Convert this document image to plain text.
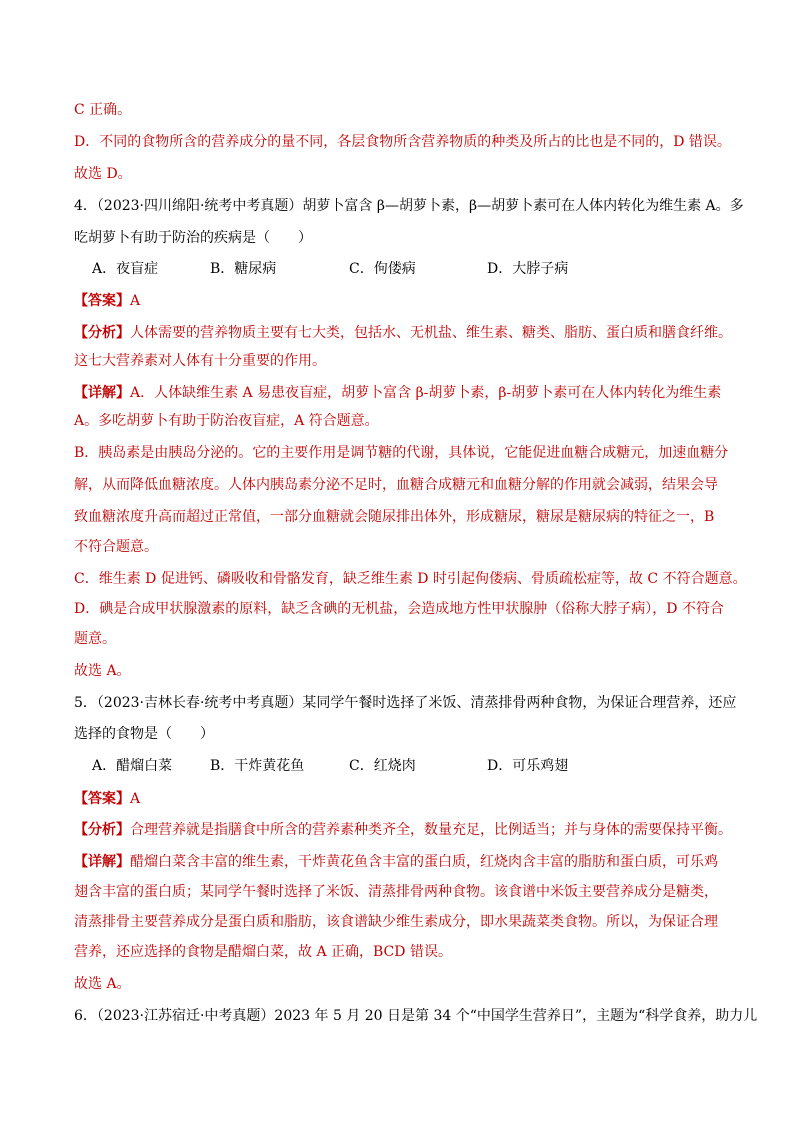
C 正确。
D．不同的食物所含的营养成分的量不同，各层食物所含营养物质的种类及所占的比也是不同的，D 错误。
故选 D。
4．（2023·四川绵阳·统考中考真题）胡萝卜富含 β—胡萝卜素，β—胡萝卜素可在人体内转化为维生素 A。多
吃胡萝卜有助于防治的疾病是（　　）
A．夜盲症	B．糖尿病	C．佝偻病	D．大脖子病
【答案】A
【分析】人体需要的营养物质主要有七大类，包括水、无机盐、维生素、糖类、脂肪、蛋白质和膳食纤维。
这七大营养素对人体有十分重要的作用。
【详解】A．人体缺维生素 A 易患夜盲症，胡萝卜富含 β-胡萝卜素，β-胡萝卜素可在人体内转化为维生素
A。多吃胡萝卜有助于防治夜盲症，A 符合题意。
B．胰岛素是由胰岛分泌的。它的主要作用是调节糖的代谢，具体说，它能促进血糖合成糖元，加速血糖分
解，从而降低血糖浓度。人体内胰岛素分泌不足时，血糖合成糖元和血糖分解的作用就会减弱，结果会导
致血糖浓度升高而超过正常值，一部分血糖就会随尿排出体外，形成糖尿，糖尿是糖尿病的特征之一，B
不符合题意。
C．维生素 D 促进钙、磷吸收和骨骼发育，缺乏维生素 D 时引起佝偻病、骨质疏松症等，故 C 不符合题意。
D．碘是合成甲状腺激素的原料，缺乏含碘的无机盐，会造成地方性甲状腺肿（俗称大脖子病），D 不符合
题意。
故选 A。
5．（2023·吉林长春·统考中考真题）某同学午餐时选择了米饭、清蒸排骨两种食物，为保证合理营养，还应
选择的食物是（　　）
A．醋熘白菜	B．干炸黄花鱼	C．红烧肉	D．可乐鸡翅
【答案】A
【分析】合理营养就是指膳食中所含的营养素种类齐全，数量充足，比例适当；并与身体的需要保持平衡。
【详解】醋熘白菜含丰富的维生素，干炸黄花鱼含丰富的蛋白质，红烧肉含丰富的脂肪和蛋白质，可乐鸡
翅含丰富的蛋白质；某同学午餐时选择了米饭、清蒸排骨两种食物。该食谱中米饭主要营养成分是糖类，
清蒸排骨主要营养成分是蛋白质和脂肪，该食谱缺少维生素成分，即水果蔬菜类食物。所以，为保证合理
营养，还应选择的食物是醋熘白菜，故 A 正确，BCD 错误。
故选 A。
6．（2023·江苏宿迁·中考真题）2023 年 5 月 20 日是第 34 个“中国学生营养日”，主题为“科学食养，助力儿
